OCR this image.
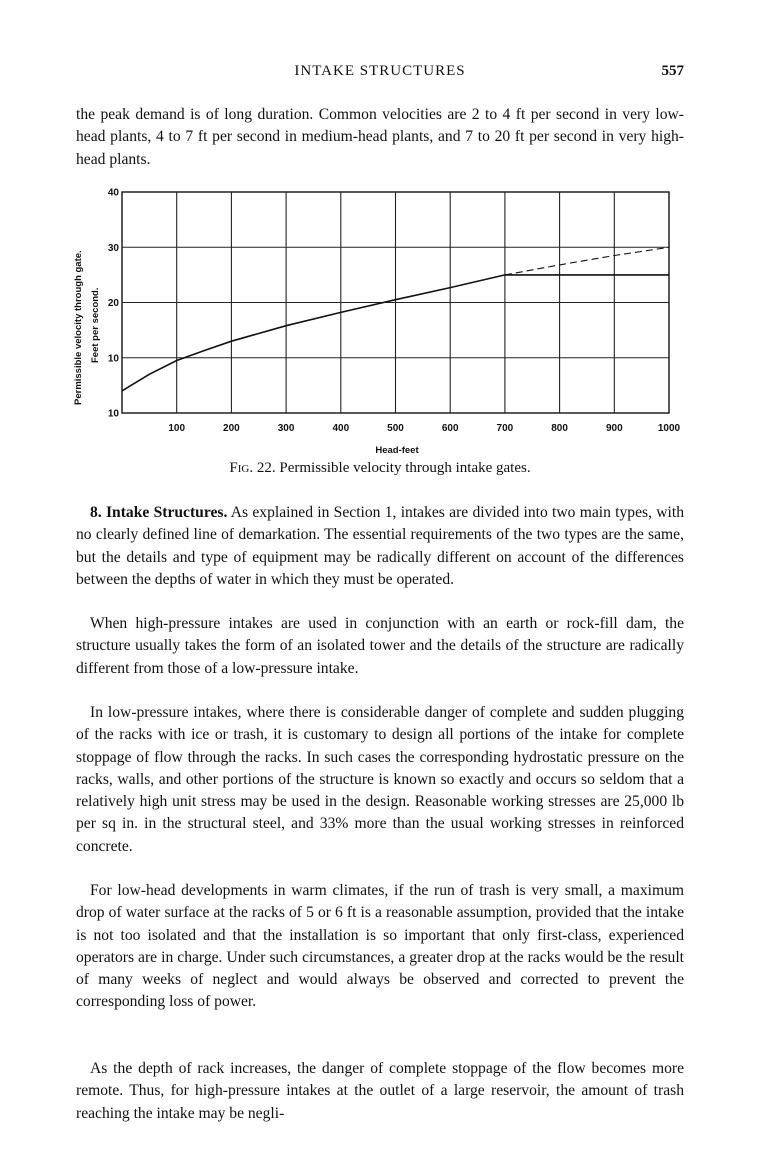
INTAKE STRUCTURES	557

the peak demand is of long duration. Common velocities are 2 to 4 ft per second in very low-head plants, 4 to 7 ft per second in medium-head plants, and 7 to 20 ft per second in very high-head plants.

10
10
20
30
40
100	200	300	400	500	600	700	800	900	1000
Permissible velocity through gate. Feet per second.
Head-feet
Fig. 22. Permissible velocity through intake gates.

8. Intake Structures. As explained in Section 1, intakes are divided into two main types, with no clearly defined line of demarkation. The essential requirements of the two types are the same, but the details and type of equipment may be radically different on account of the differences between the depths of water in which they must be operated.

When high-pressure intakes are used in conjunction with an earth or rock-fill dam, the structure usually takes the form of an isolated tower and the details of the structure are radically different from those of a low-pressure intake.

In low-pressure intakes, where there is considerable danger of complete and sudden plugging of the racks with ice or trash, it is customary to design all portions of the intake for complete stoppage of flow through the racks. In such cases the corresponding hydrostatic pressure on the racks, walls, and other portions of the structure is known so exactly and occurs so seldom that a relatively high unit stress may be used in the design. Reasonable working stresses are 25,000 lb per sq in. in the structural steel, and 33% more than the usual working stresses in reinforced concrete.

For low-head developments in warm climates, if the run of trash is very small, a maximum drop of water surface at the racks of 5 or 6 ft is a reasonable assumption, provided that the intake is not too isolated and that the installation is so important that only first-class, experienced operators are in charge. Under such circumstances, a greater drop at the racks would be the result of many weeks of neglect and would always be observed and corrected to prevent the corresponding loss of power.

As the depth of rack increases, the danger of complete stoppage of the flow becomes more remote. Thus, for high-pressure intakes at the outlet of a large reservoir, the amount of trash reaching the intake may be negli-
